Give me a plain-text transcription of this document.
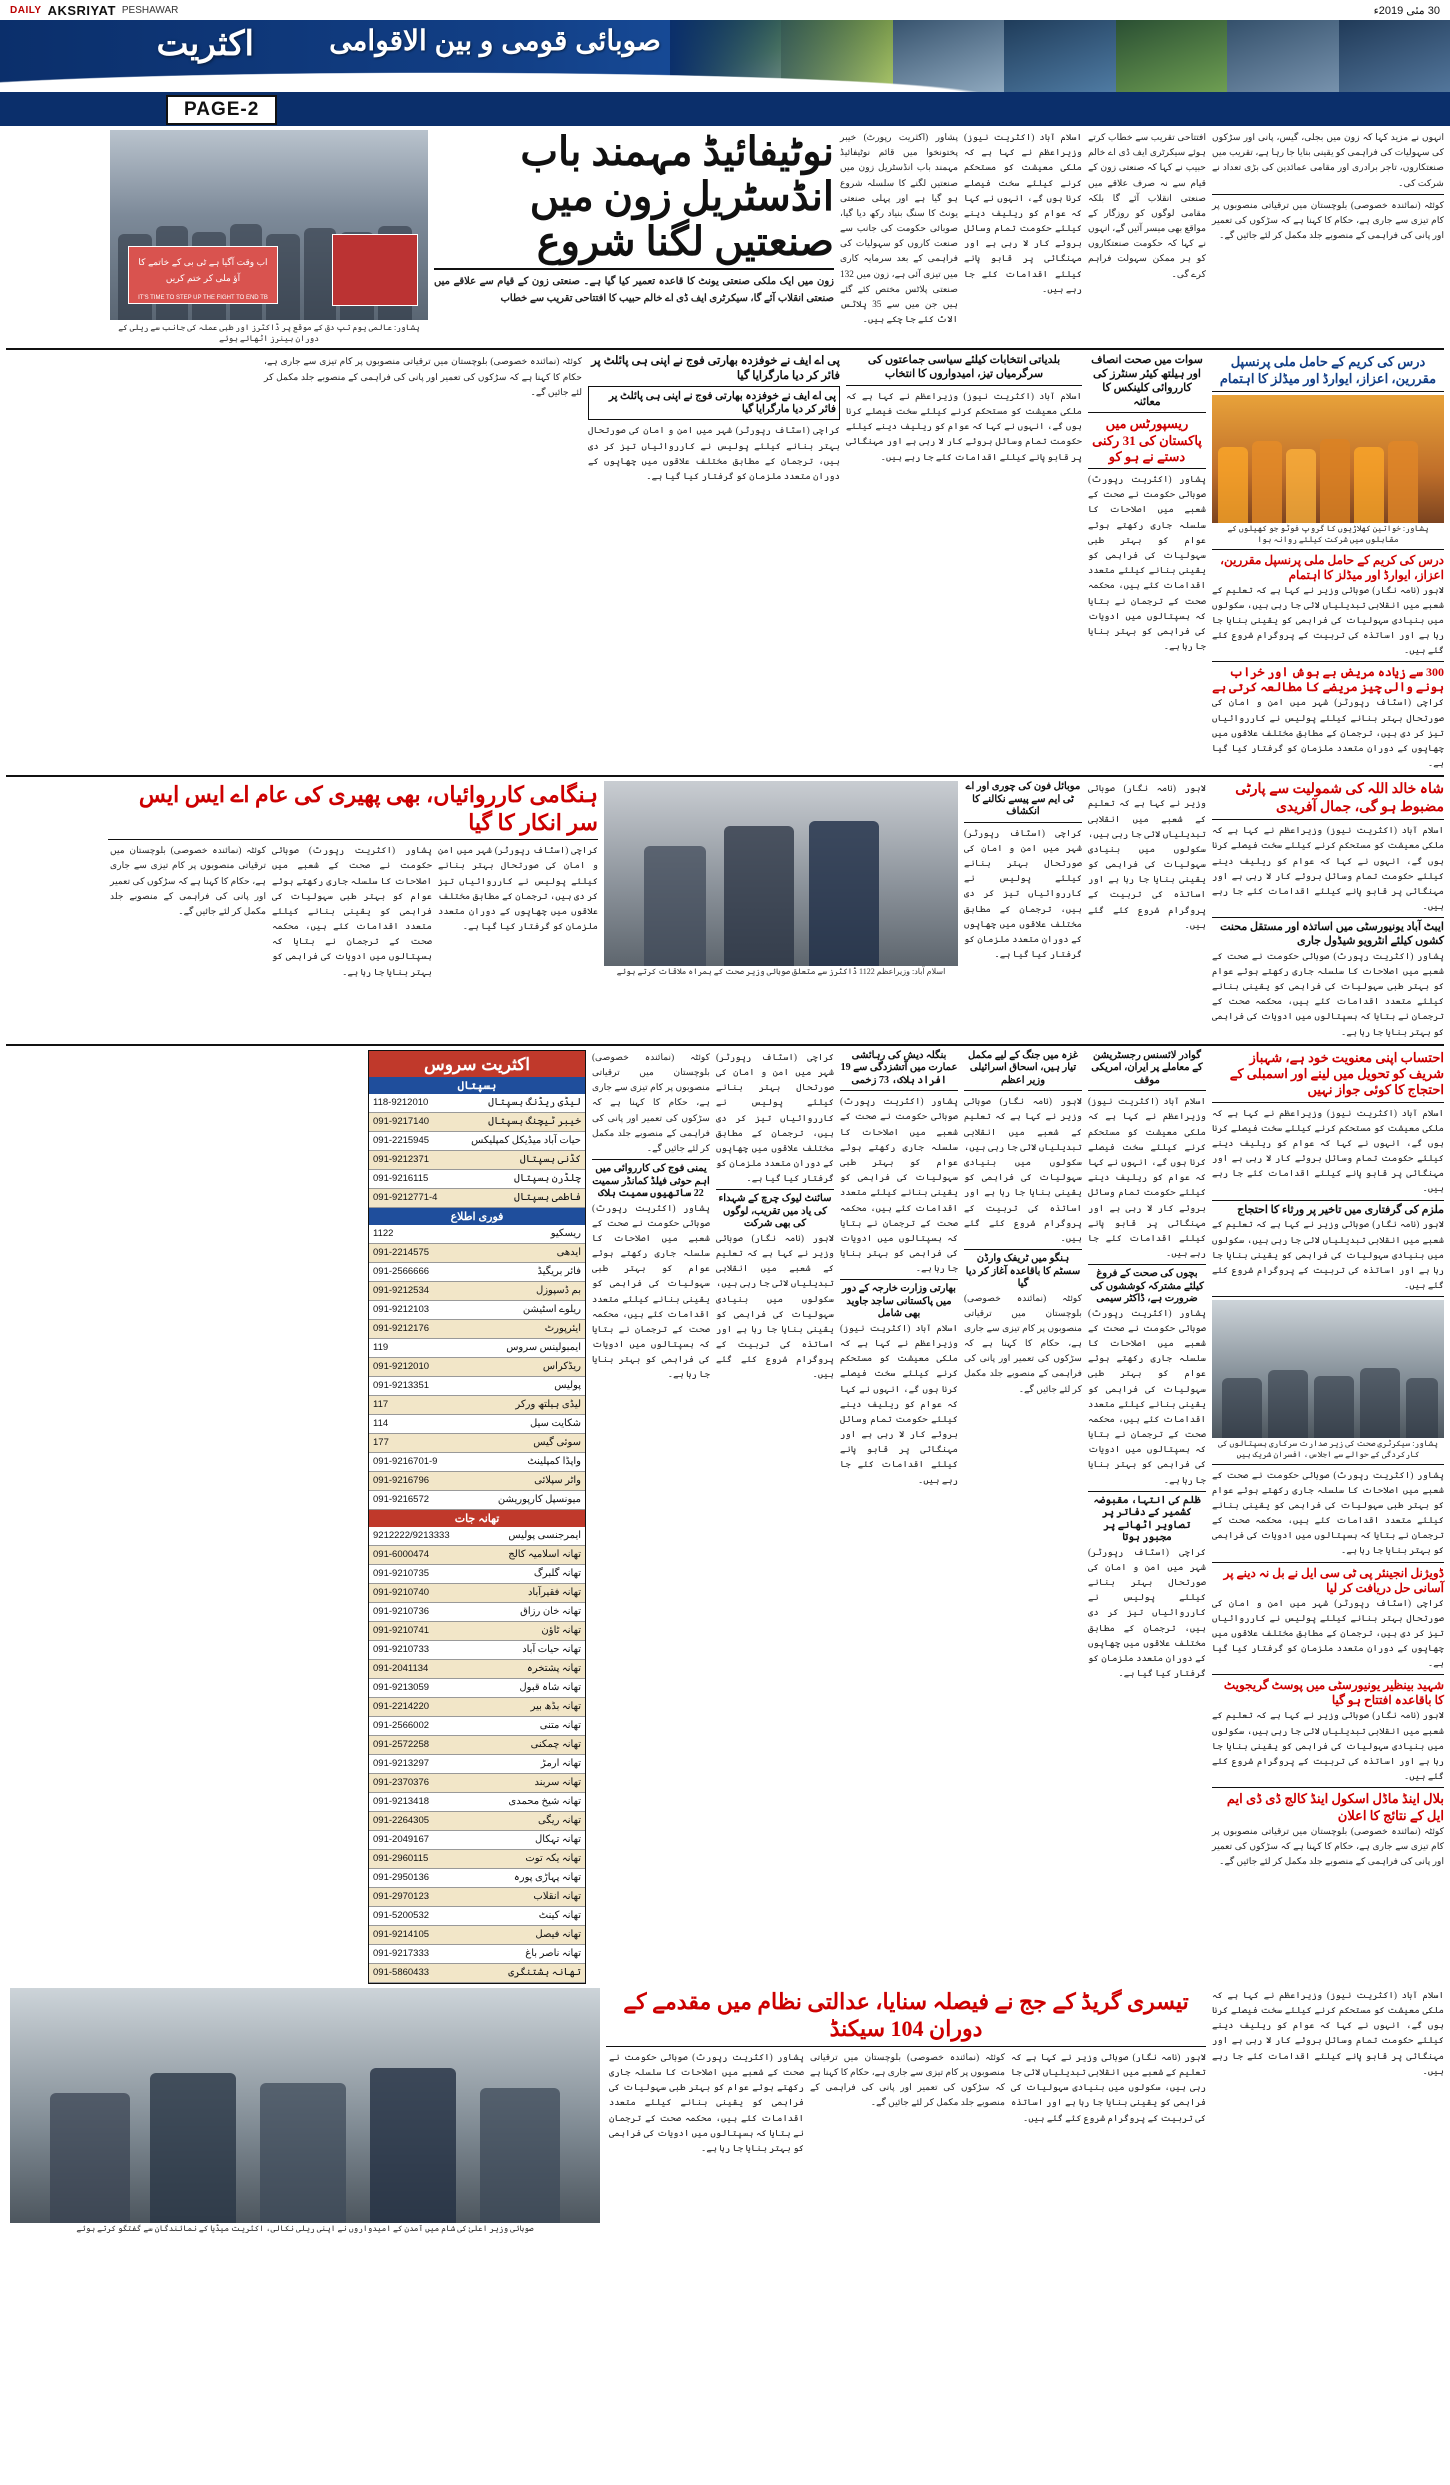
DAILY AKSRIYAT PESHAWAR	30 مئی 2019ء
صوبائی قومی و بین الاقوامی
اکثریت
PAGE-2
انہوں نے مزید کہا کہ زون میں بجلی، گیس، پانی اور سڑکوں کی سہولیات کی فراہمی کو یقینی بنایا جا رہا ہے، تقریب میں صنعتکاروں، تاجر برادری اور مقامی عمائدین کی بڑی تعداد نے شرکت کی۔
کوئٹہ (نمائندہ خصوصی) بلوچستان میں ترقیاتی منصوبوں پر کام تیزی سے جاری ہے، حکام کا کہنا ہے کہ سڑکوں کی تعمیر اور پانی کی فراہمی کے منصوبے جلد مکمل کر لئے جائیں گے۔
افتتاحی تقریب سے خطاب کرتے ہوئے سیکرٹری ایف ڈی اے خالم حبیب نے کہا کہ صنعتی زون کے قیام سے نہ صرف علاقے میں صنعتی انقلاب آئے گا بلکہ مقامی لوگوں کو روزگار کے مواقع بھی میسر آئیں گے، انہوں نے کہا کہ حکومت صنعتکاروں کو ہر ممکن سہولت فراہم کرے گی۔
اسلام آباد (اکثریت نیوز) وزیراعظم نے کہا ہے کہ ملکی معیشت کو مستحکم کرنے کیلئے سخت فیصلے کرنا ہوں گے، انہوں نے کہا کہ عوام کو ریلیف دینے کیلئے حکومت تمام وسائل بروئے کار لا رہی ہے اور مہنگائی پر قابو پانے کیلئے اقدامات کئے جا رہے ہیں۔
پشاور (اکثریت رپورٹ) خیبر پختونخوا میں قائم نوٹیفائیڈ مہمند باب انڈسٹریل زون میں صنعتیں لگنے کا سلسلہ شروع ہو گیا ہے اور پہلی صنعتی یونٹ کا سنگ بنیاد رکھ دیا گیا، صوبائی حکومت کی جانب سے صنعت کاروں کو سہولیات کی فراہمی کے بعد سرمایہ کاری میں تیزی آئی ہے، زون میں 132 صنعتی پلاٹس مختص کئے گئے ہیں جن میں سے 35 پلاٹس الاٹ کئے جا چکے ہیں۔
نوٹیفائیڈ مہمند باب انڈسٹریل زون میں صنعتیں لگنا شروع
زون میں ایک ملکی صنعتی یونٹ کا قاعدہ تعمیر کیا گیا ہے۔ صنعتی زون کے قیام سے علاقے میں صنعتی انقلاب آئے گا، سیکرٹری ایف ڈی اے خالم حبیب کا افتتاحی تقریب سے خطاب
اب وقت آگیا ہے ٹی بی کے خاتمے کا
آؤ ملی کر ختم کریں
IT'S TIME TO STEP UP THE FIGHT TO END TB
پشاور: عالمی یوم تپ دق کے موقع پر ڈاکٹرز اور طبی عملہ کی جانب سے ریلی کے دوران بینرز اٹھائے ہوئے
درس کی کریم کے حامل ملی پرنسپل مقررین، اعزاز، ایوارڈ اور میڈلز کا اہتمام
پشاور: خواتین کھلاڑیوں کا گروپ فوٹو جو کھیلوں کے مقابلوں میں شرکت کیلئے روانہ ہوا
درس کی کریم کے حامل ملی پرنسپل مقررین، اعزاز، ایوارڈ اور میڈلز کا اہتمام
لاہور (نامہ نگار) صوبائی وزیر نے کہا ہے کہ تعلیم کے شعبے میں انقلابی تبدیلیاں لائی جا رہی ہیں، سکولوں میں بنیادی سہولیات کی فراہمی کو یقینی بنایا جا رہا ہے اور اساتذہ کی تربیت کے پروگرام شروع کئے گئے ہیں۔
300 سے زیادہ مریض بے ہوش اور خراب ہونے والی چیز مریضے کا مطالعہ کرتی ہے
کراچی (اسٹاف رپورٹر) شہر میں امن و امان کی صورتحال بہتر بنانے کیلئے پولیس نے کارروائیاں تیز کر دی ہیں، ترجمان کے مطابق مختلف علاقوں میں چھاپوں کے دوران متعدد ملزمان کو گرفتار کیا گیا ہے۔
سوات میں صحت انصاف اور ہیلتھ کیئر سنٹرز کی کارروائی کلینکس کا معائنہ
ریسپورٹس میں پاکستان کی 31 رکنی دستے نے ہو کو
پشاور (اکثریت رپورٹ) صوبائی حکومت نے صحت کے شعبے میں اصلاحات کا سلسلہ جاری رکھتے ہوئے عوام کو بہتر طبی سہولیات کی فراہمی کو یقینی بنانے کیلئے متعدد اقدامات کئے ہیں، محکمہ صحت کے ترجمان نے بتایا کہ ہسپتالوں میں ادویات کی فراہمی کو بہتر بنایا جا رہا ہے۔
بلدیاتی انتخابات کیلئے سیاسی جماعتوں کی سرگرمیاں تیز، امیدواروں کا انتخاب
اسلام آباد (اکثریت نیوز) وزیراعظم نے کہا ہے کہ ملکی معیشت کو مستحکم کرنے کیلئے سخت فیصلے کرنا ہوں گے، انہوں نے کہا کہ عوام کو ریلیف دینے کیلئے حکومت تمام وسائل بروئے کار لا رہی ہے اور مہنگائی پر قابو پانے کیلئے اقدامات کئے جا رہے ہیں۔
پی اے ایف نے خوفزدہ بھارتی فوج نے اپنی ہی پائلٹ پر فائر کر دیا مارگرایا گیا
پی اے ایف نے خوفزدہ بھارتی فوج نے اپنی ہی پائلٹ پر فائر کر دیا مارگرایا گیا
کراچی (اسٹاف رپورٹر) شہر میں امن و امان کی صورتحال بہتر بنانے کیلئے پولیس نے کارروائیاں تیز کر دی ہیں، ترجمان کے مطابق مختلف علاقوں میں چھاپوں کے دوران متعدد ملزمان کو گرفتار کیا گیا ہے۔
کوئٹہ (نمائندہ خصوصی) بلوچستان میں ترقیاتی منصوبوں پر کام تیزی سے جاری ہے، حکام کا کہنا ہے کہ سڑکوں کی تعمیر اور پانی کی فراہمی کے منصوبے جلد مکمل کر لئے جائیں گے۔
شاہ خالد اللہ کی شمولیت سے پارٹی مضبوط ہو گی، جمال آفریدی
اسلام آباد (اکثریت نیوز) وزیراعظم نے کہا ہے کہ ملکی معیشت کو مستحکم کرنے کیلئے سخت فیصلے کرنا ہوں گے، انہوں نے کہا کہ عوام کو ریلیف دینے کیلئے حکومت تمام وسائل بروئے کار لا رہی ہے اور مہنگائی پر قابو پانے کیلئے اقدامات کئے جا رہے ہیں۔
ایبٹ آباد یونیورسٹی میں اساتذہ اور مستقل محنت کشوں کیلئے انٹرویو شیڈول جاری
پشاور (اکثریت رپورٹ) صوبائی حکومت نے صحت کے شعبے میں اصلاحات کا سلسلہ جاری رکھتے ہوئے عوام کو بہتر طبی سہولیات کی فراہمی کو یقینی بنانے کیلئے متعدد اقدامات کئے ہیں، محکمہ صحت کے ترجمان نے بتایا کہ ہسپتالوں میں ادویات کی فراہمی کو بہتر بنایا جا رہا ہے۔
لاہور (نامہ نگار) صوبائی وزیر نے کہا ہے کہ تعلیم کے شعبے میں انقلابی تبدیلیاں لائی جا رہی ہیں، سکولوں میں بنیادی سہولیات کی فراہمی کو یقینی بنایا جا رہا ہے اور اساتذہ کی تربیت کے پروگرام شروع کئے گئے ہیں۔
موبائل فون کی چوری اور اے ٹی ایم سے پیسے نکالنے کا انکشاف
کراچی (اسٹاف رپورٹر) شہر میں امن و امان کی صورتحال بہتر بنانے کیلئے پولیس نے کارروائیاں تیز کر دی ہیں، ترجمان کے مطابق مختلف علاقوں میں چھاپوں کے دوران متعدد ملزمان کو گرفتار کیا گیا ہے۔
اسلام آباد: وزیراعظم 1122 ڈاکٹرز سے متعلق صوبائی وزیر صحت کے ہمراہ ملاقات کرتے ہوئے
ہنگامی کارروائیاں، بھی پھیری کی عام اے ایس ایس سر انکار کا گیا
کراچی (اسٹاف رپورٹر) شہر میں امن و امان کی صورتحال بہتر بنانے کیلئے پولیس نے کارروائیاں تیز کر دی ہیں، ترجمان کے مطابق مختلف علاقوں میں چھاپوں کے دوران متعدد ملزمان کو گرفتار کیا گیا ہے۔
پشاور (اکثریت رپورٹ) صوبائی حکومت نے صحت کے شعبے میں اصلاحات کا سلسلہ جاری رکھتے ہوئے عوام کو بہتر طبی سہولیات کی فراہمی کو یقینی بنانے کیلئے متعدد اقدامات کئے ہیں، محکمہ صحت کے ترجمان نے بتایا کہ ہسپتالوں میں ادویات کی فراہمی کو بہتر بنایا جا رہا ہے۔
کوئٹہ (نمائندہ خصوصی) بلوچستان میں ترقیاتی منصوبوں پر کام تیزی سے جاری ہے، حکام کا کہنا ہے کہ سڑکوں کی تعمیر اور پانی کی فراہمی کے منصوبے جلد مکمل کر لئے جائیں گے۔
احتساب اپنی معنویت خود ہے، شہباز شریف کو تحویل میں لینے اور اسمبلی کے احتجاج کا کوئی جواز نہیں
اسلام آباد (اکثریت نیوز) وزیراعظم نے کہا ہے کہ ملکی معیشت کو مستحکم کرنے کیلئے سخت فیصلے کرنا ہوں گے، انہوں نے کہا کہ عوام کو ریلیف دینے کیلئے حکومت تمام وسائل بروئے کار لا رہی ہے اور مہنگائی پر قابو پانے کیلئے اقدامات کئے جا رہے ہیں۔
ملزم کی گرفتاری میں تاخیر پر ورثاء کا احتجاج
لاہور (نامہ نگار) صوبائی وزیر نے کہا ہے کہ تعلیم کے شعبے میں انقلابی تبدیلیاں لائی جا رہی ہیں، سکولوں میں بنیادی سہولیات کی فراہمی کو یقینی بنایا جا رہا ہے اور اساتذہ کی تربیت کے پروگرام شروع کئے گئے ہیں۔
پشاور: سیکرٹری صحت کی زیر صدارت سرکاری ہسپتالوں کی کارکردگی کے حوالے سے اجلاس، افسران شریک ہیں
پشاور (اکثریت رپورٹ) صوبائی حکومت نے صحت کے شعبے میں اصلاحات کا سلسلہ جاری رکھتے ہوئے عوام کو بہتر طبی سہولیات کی فراہمی کو یقینی بنانے کیلئے متعدد اقدامات کئے ہیں، محکمہ صحت کے ترجمان نے بتایا کہ ہسپتالوں میں ادویات کی فراہمی کو بہتر بنایا جا رہا ہے۔
ڈویژنل انجینئر پی ٹی سی ایل نے بل نہ دینے پر آسانی حل دریافت کر لیا
کراچی (اسٹاف رپورٹر) شہر میں امن و امان کی صورتحال بہتر بنانے کیلئے پولیس نے کارروائیاں تیز کر دی ہیں، ترجمان کے مطابق مختلف علاقوں میں چھاپوں کے دوران متعدد ملزمان کو گرفتار کیا گیا ہے۔
شہید بینظیر یونیورسٹی میں پوسٹ گریجویٹ کا باقاعدہ افتتاح ہو گیا
لاہور (نامہ نگار) صوبائی وزیر نے کہا ہے کہ تعلیم کے شعبے میں انقلابی تبدیلیاں لائی جا رہی ہیں، سکولوں میں بنیادی سہولیات کی فراہمی کو یقینی بنایا جا رہا ہے اور اساتذہ کی تربیت کے پروگرام شروع کئے گئے ہیں۔
بلال اینڈ ماڈل اسکول اینڈ کالج ڈی ڈی ایم ایل کے نتائج کا اعلان
کوئٹہ (نمائندہ خصوصی) بلوچستان میں ترقیاتی منصوبوں پر کام تیزی سے جاری ہے، حکام کا کہنا ہے کہ سڑکوں کی تعمیر اور پانی کی فراہمی کے منصوبے جلد مکمل کر لئے جائیں گے۔
گوادر لائسنس رجسٹریشن کے معاملے پر ایران، امریکی موقف
اسلام آباد (اکثریت نیوز) وزیراعظم نے کہا ہے کہ ملکی معیشت کو مستحکم کرنے کیلئے سخت فیصلے کرنا ہوں گے، انہوں نے کہا کہ عوام کو ریلیف دینے کیلئے حکومت تمام وسائل بروئے کار لا رہی ہے اور مہنگائی پر قابو پانے کیلئے اقدامات کئے جا رہے ہیں۔
بچوں کی صحت کے فروغ کیلئے مشترکہ کوششوں کی ضرورت ہے، ڈاکٹر سیمی
پشاور (اکثریت رپورٹ) صوبائی حکومت نے صحت کے شعبے میں اصلاحات کا سلسلہ جاری رکھتے ہوئے عوام کو بہتر طبی سہولیات کی فراہمی کو یقینی بنانے کیلئے متعدد اقدامات کئے ہیں، محکمہ صحت کے ترجمان نے بتایا کہ ہسپتالوں میں ادویات کی فراہمی کو بہتر بنایا جا رہا ہے۔
ظلم کی انتہا، مقبوضہ کشمیر کے دفاتر پر تصاویر اٹھانے پر مجبور ہوتا
کراچی (اسٹاف رپورٹر) شہر میں امن و امان کی صورتحال بہتر بنانے کیلئے پولیس نے کارروائیاں تیز کر دی ہیں، ترجمان کے مطابق مختلف علاقوں میں چھاپوں کے دوران متعدد ملزمان کو گرفتار کیا گیا ہے۔
غزہ میں جنگ کے لیے مکمل تیار ہیں، اسحاق اسرائیلی وزیر اعظم
لاہور (نامہ نگار) صوبائی وزیر نے کہا ہے کہ تعلیم کے شعبے میں انقلابی تبدیلیاں لائی جا رہی ہیں، سکولوں میں بنیادی سہولیات کی فراہمی کو یقینی بنایا جا رہا ہے اور اساتذہ کی تربیت کے پروگرام شروع کئے گئے ہیں۔
ہنگو میں ٹریفک وارڈن سسٹم کا باقاعدہ آغاز کر دیا گیا
کوئٹہ (نمائندہ خصوصی) بلوچستان میں ترقیاتی منصوبوں پر کام تیزی سے جاری ہے، حکام کا کہنا ہے کہ سڑکوں کی تعمیر اور پانی کی فراہمی کے منصوبے جلد مکمل کر لئے جائیں گے۔
بنگلہ دیش کی رہائشی عمارت میں آتشزدگی سے 19 افراد ہلاک، 73 زخمی
پشاور (اکثریت رپورٹ) صوبائی حکومت نے صحت کے شعبے میں اصلاحات کا سلسلہ جاری رکھتے ہوئے عوام کو بہتر طبی سہولیات کی فراہمی کو یقینی بنانے کیلئے متعدد اقدامات کئے ہیں، محکمہ صحت کے ترجمان نے بتایا کہ ہسپتالوں میں ادویات کی فراہمی کو بہتر بنایا جا رہا ہے۔
بھارتی وزارت خارجہ کے دور میں پاکستانی ساجد جاوید بھی شامل
اسلام آباد (اکثریت نیوز) وزیراعظم نے کہا ہے کہ ملکی معیشت کو مستحکم کرنے کیلئے سخت فیصلے کرنا ہوں گے، انہوں نے کہا کہ عوام کو ریلیف دینے کیلئے حکومت تمام وسائل بروئے کار لا رہی ہے اور مہنگائی پر قابو پانے کیلئے اقدامات کئے جا رہے ہیں۔
کراچی (اسٹاف رپورٹر) شہر میں امن و امان کی صورتحال بہتر بنانے کیلئے پولیس نے کارروائیاں تیز کر دی ہیں، ترجمان کے مطابق مختلف علاقوں میں چھاپوں کے دوران متعدد ملزمان کو گرفتار کیا گیا ہے۔
سائنٹ لیوک چرچ کے شہداء کی یاد میں تقریب، لوگوں کی بھی شرکت
لاہور (نامہ نگار) صوبائی وزیر نے کہا ہے کہ تعلیم کے شعبے میں انقلابی تبدیلیاں لائی جا رہی ہیں، سکولوں میں بنیادی سہولیات کی فراہمی کو یقینی بنایا جا رہا ہے اور اساتذہ کی تربیت کے پروگرام شروع کئے گئے ہیں۔
کوئٹہ (نمائندہ خصوصی) بلوچستان میں ترقیاتی منصوبوں پر کام تیزی سے جاری ہے، حکام کا کہنا ہے کہ سڑکوں کی تعمیر اور پانی کی فراہمی کے منصوبے جلد مکمل کر لئے جائیں گے۔
یمنی فوج کی کارروائی میں اہم حوثی فیلڈ کمانڈر سمیت 22 ساتھیوں سمیت ہلاک
پشاور (اکثریت رپورٹ) صوبائی حکومت نے صحت کے شعبے میں اصلاحات کا سلسلہ جاری رکھتے ہوئے عوام کو بہتر طبی سہولیات کی فراہمی کو یقینی بنانے کیلئے متعدد اقدامات کئے ہیں، محکمہ صحت کے ترجمان نے بتایا کہ ہسپتالوں میں ادویات کی فراہمی کو بہتر بنایا جا رہا ہے۔
اکثریت سروس
ہسپتال
لیڈی ریڈنگ ہسپتال
118-9212010
خیبر ٹیچنگ ہسپتال
091-9217140
حیات آباد میڈیکل کمپلیکس
091-2215945
کڈنی ہسپتال
091-9212371
چلڈرن ہسپتال
091-9216115
فاطمی ہسپتال
091-9212771-4
فوری اطلاع
ریسکیو
1122
ایدھی
091-2214575
فائر بریگیڈ
091-2566666
بم ڈسپوزل
091-9212534
ریلوے اسٹیشن
091-9212103
ایئرپورٹ
091-9212176
ایمبولینس سروس
119
ریڈکراس
091-9212010
پولیس
091-9213351
لیڈی ہیلتھ ورکر
117
شکایت سیل
114
سوئی گیس
177
واپڈا کمپلینٹ
091-9216701-9
واٹر سپلائی
091-9216796
میونسپل کارپوریشن
091-9216572
تھانہ جات
ایمرجنسی پولیس
9212222/9213333
تھانہ اسلامیہ کالج
091-6000474
تھانہ گلبرگ
091-9210735
تھانہ فقیرآباد
091-9210740
تھانہ خان رزاق
091-9210736
تھانہ ٹاؤن
091-9210741
تھانہ حیات آباد
091-9210733
تھانہ پشتخرہ
091-2041134
تھانہ شاہ قبول
091-9213059
تھانہ بڈھ بیر
091-2214220
تھانہ متنی
091-2566002
تھانہ چمکنی
091-2572258
تھانہ ارمڑ
091-9213297
تھانہ سربند
091-2370376
تھانہ شیخ محمدی
091-9213418
تھانہ ریگی
091-2264305
تھانہ تہکال
091-2049167
تھانہ یکہ توت
091-2960115
تھانہ پہاڑی پورہ
091-2950136
تھانہ انقلاب
091-2970123
تھانہ کینٹ
091-5200532
تھانہ فیصل
091-9214105
تھانہ ناصر باغ
091-9217333
تھانہ ہشتنگری
091-5860433
اسلام آباد (اکثریت نیوز) وزیراعظم نے کہا ہے کہ ملکی معیشت کو مستحکم کرنے کیلئے سخت فیصلے کرنا ہوں گے، انہوں نے کہا کہ عوام کو ریلیف دینے کیلئے حکومت تمام وسائل بروئے کار لا رہی ہے اور مہنگائی پر قابو پانے کیلئے اقدامات کئے جا رہے ہیں۔
تیسری گریڈ کے جج نے فیصلہ سنایا، عدالتی نظام میں مقدمے کے دوران 104 سیکنڈ
لاہور (نامہ نگار) صوبائی وزیر نے کہا ہے کہ تعلیم کے شعبے میں انقلابی تبدیلیاں لائی جا رہی ہیں، سکولوں میں بنیادی سہولیات کی فراہمی کو یقینی بنایا جا رہا ہے اور اساتذہ کی تربیت کے پروگرام شروع کئے گئے ہیں۔
کوئٹہ (نمائندہ خصوصی) بلوچستان میں ترقیاتی منصوبوں پر کام تیزی سے جاری ہے، حکام کا کہنا ہے کہ سڑکوں کی تعمیر اور پانی کی فراہمی کے منصوبے جلد مکمل کر لئے جائیں گے۔
پشاور (اکثریت رپورٹ) صوبائی حکومت نے صحت کے شعبے میں اصلاحات کا سلسلہ جاری رکھتے ہوئے عوام کو بہتر طبی سہولیات کی فراہمی کو یقینی بنانے کیلئے متعدد اقدامات کئے ہیں، محکمہ صحت کے ترجمان نے بتایا کہ ہسپتالوں میں ادویات کی فراہمی کو بہتر بنایا جا رہا ہے۔
صوبائی وزیر اعلیٰ کی شام میں آمدن کے امیدواروں نے اپنی ریلی نکالی، اکثریت میڈیا کے نمائندگان سے گفتگو کرتے ہوئے
